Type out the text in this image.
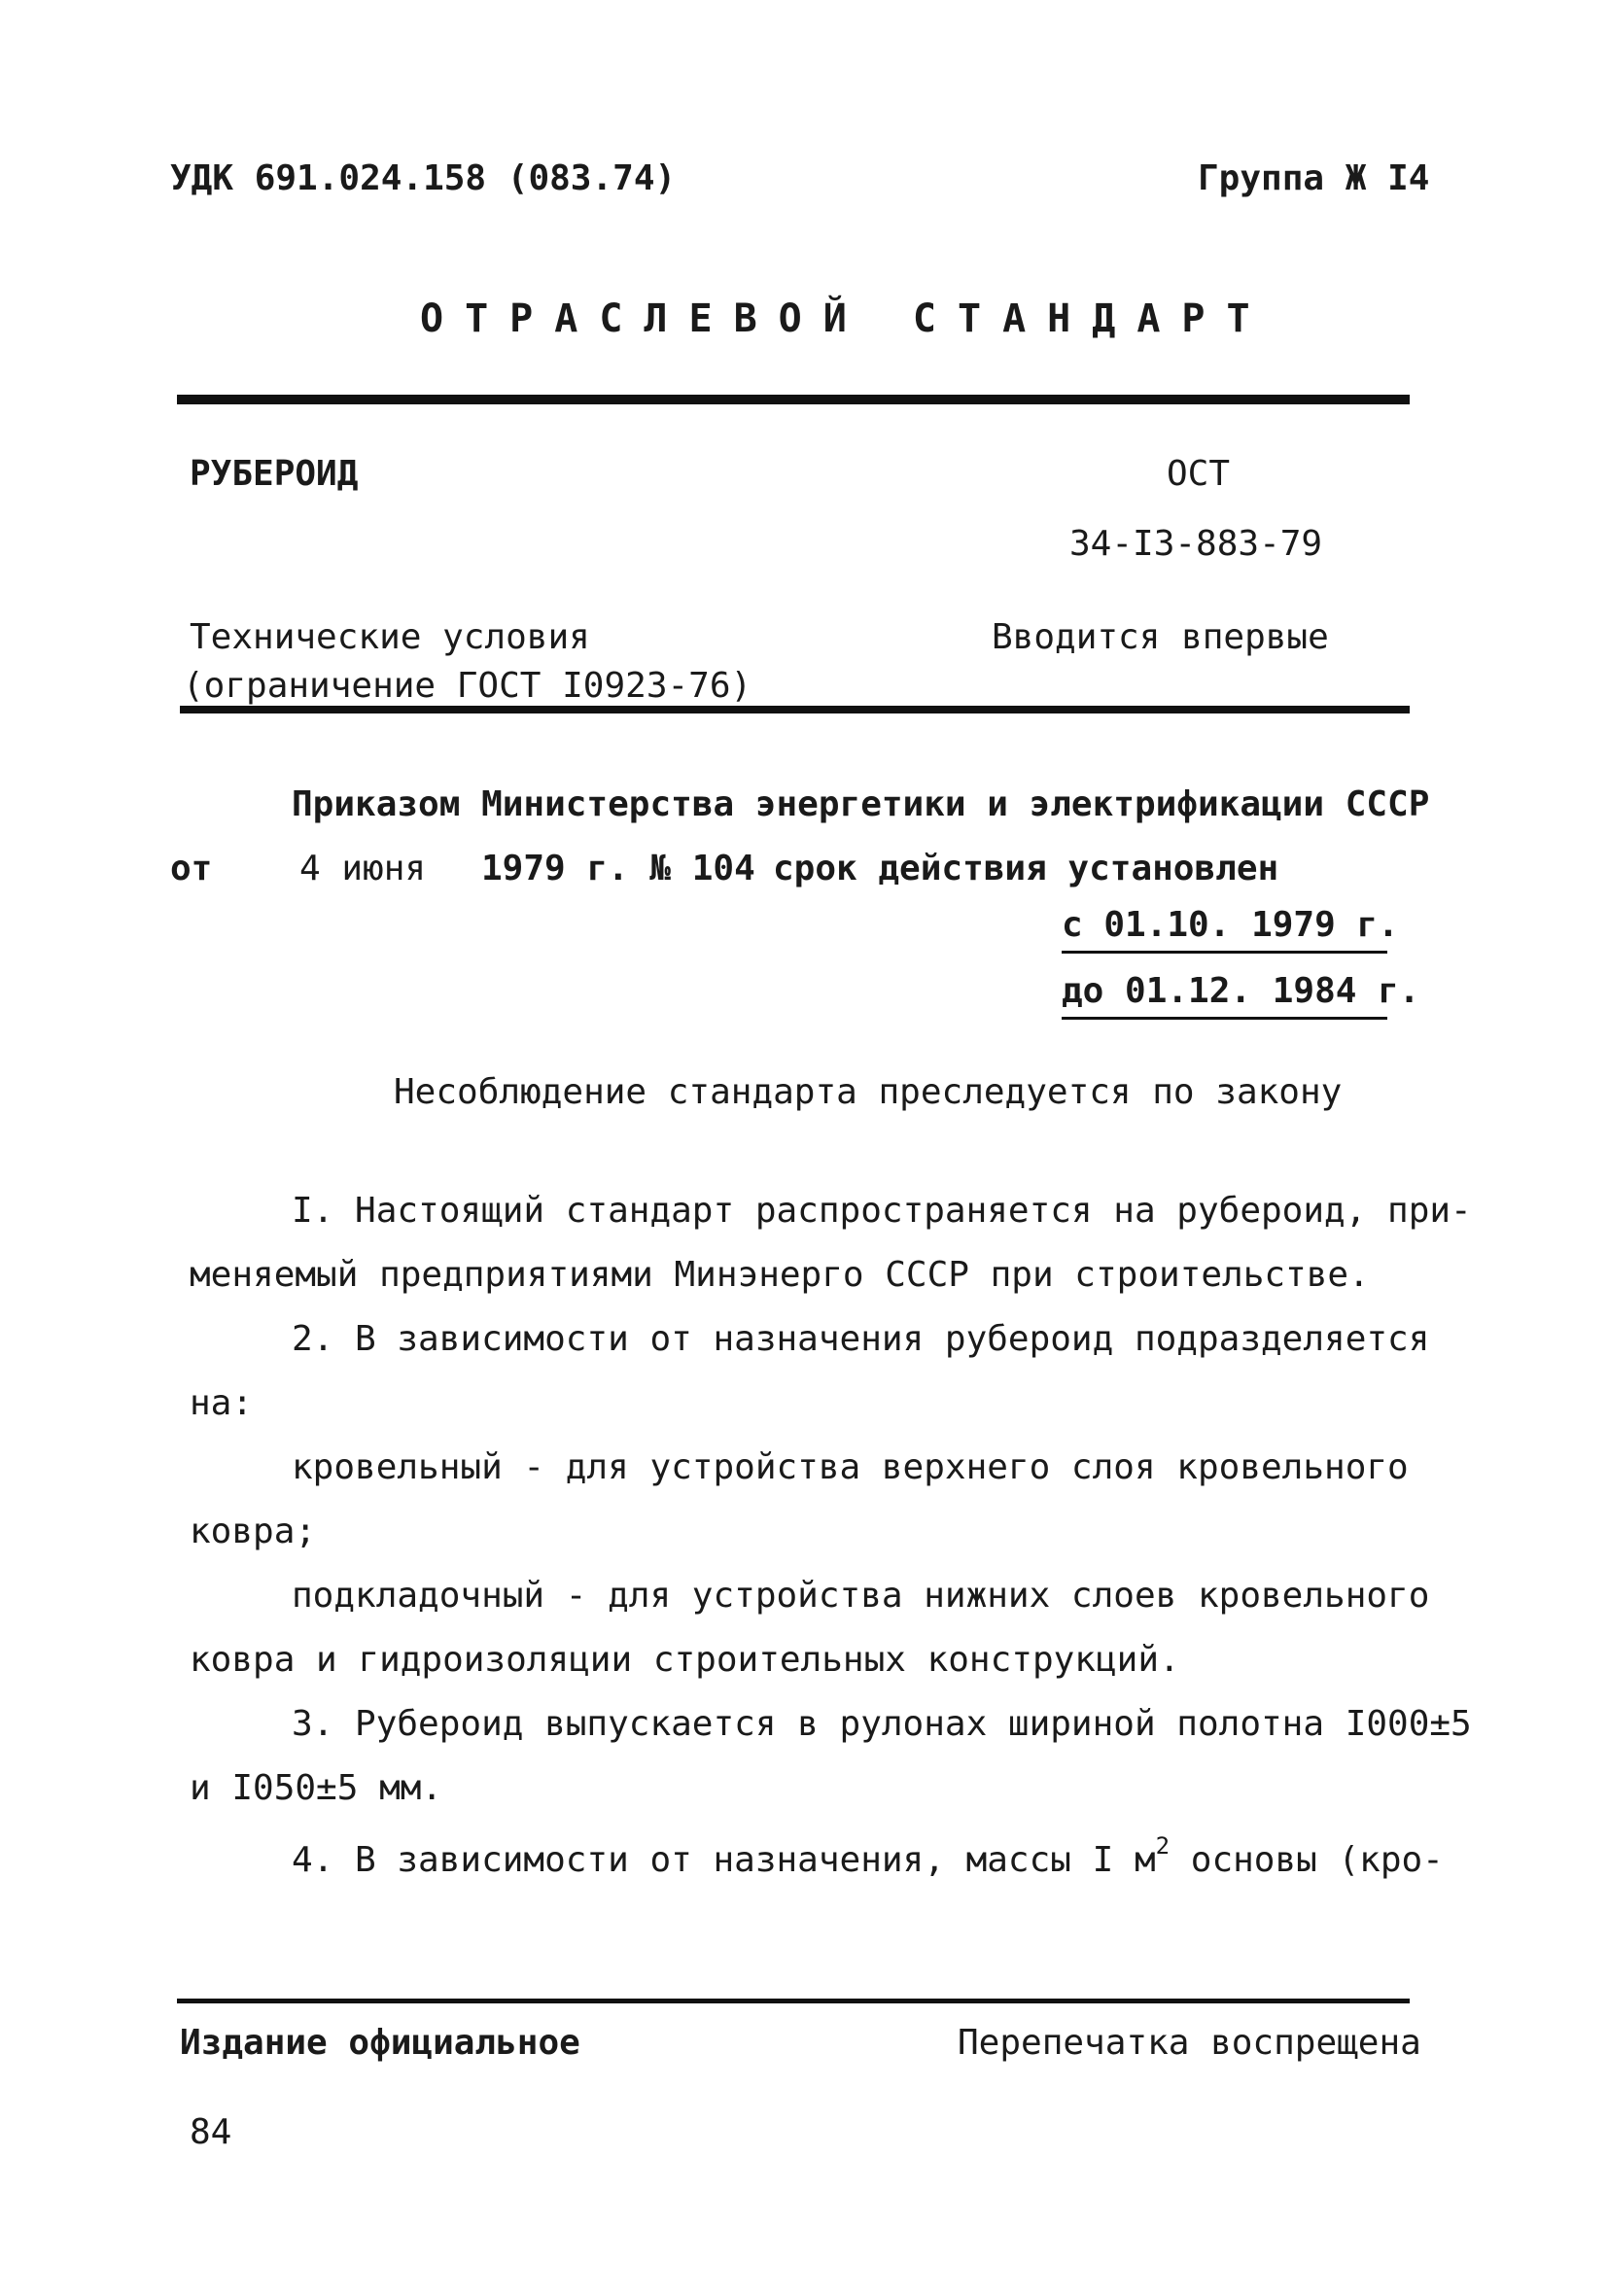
УДК 691.024.158 (083.74)	Группа Ж I4
ОТРАСЛЕВОЙ СТАНДАРТ
РУБЕРОИД	ОСТ
34-I3-883-79
Технические условия
(ограничение ГОСТ I0923-76)
Вводится впервые
Приказом Министерства энергетики и электрификации СССР
от 4 июня 1979 г. № 104 срок действия установлен
с 01.10. 1979 г.
до 01.12. 1984 г.
Несоблюдение стандарта преследуется по закону
I. Настоящий стандарт распространяется на рубероид, при-
меняемый предприятиями Минэнерго СССР при строительстве.
2. В зависимости от назначения рубероид подразделяется
на:
кровельный - для устройства верхнего слоя кровельного
ковра;
подкладочный - для устройства нижних слоев кровельного
ковра и гидроизоляции строительных конструкций.
3. Рубероид выпускается в рулонах шириной полотна I000±5
и I050±5 мм.
4. В зависимости от назначения, массы I $м^2$ основы (кро-
Издание официальное	Перепечатка воспрещена
84
